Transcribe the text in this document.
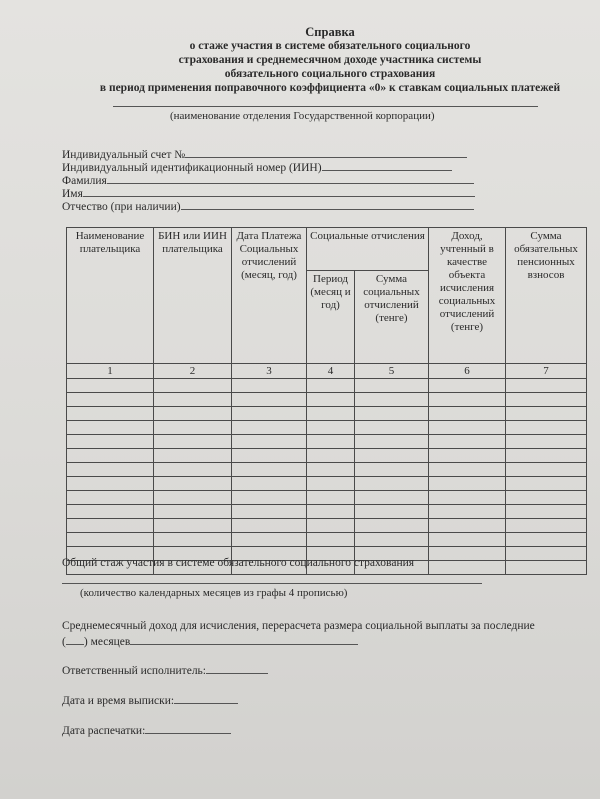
Справка
о стаже участия в системе обязательного социального
страхования и среднемесячном доходе участника системы
обязательного социального страхования
в период применения поправочного коэффициента «0» к ставкам социальных платежей
(наименование отделения Государственной корпорации)
Индивидуальный счет №
Индивидуальный идентификационный номер (ИИН)
Фамилия
Имя
Отчество (при наличии)
Наименование плательщика	БИН или ИИН плательщика	Дата Платежа Социальных отчислений (месяц, год)	Социальные отчисления		Доход, учтенный в качестве объекта исчисления социальных отчислений (тенге)	Сумма обязательных пенсионных взносов
			Период (месяц и год)	Сумма социальных отчислений (тенге)		
1	2	3	4	5	6	7

Общий стаж участия в системе обязательного социального страхования
(количество календарных месяцев из графы 4 прописью)
Среднемесячный доход для исчисления, перерасчета размера социальной выплаты за последние
( ) месяцев
Ответственный исполнитель:
Дата и время выписки:
Дата распечатки:
